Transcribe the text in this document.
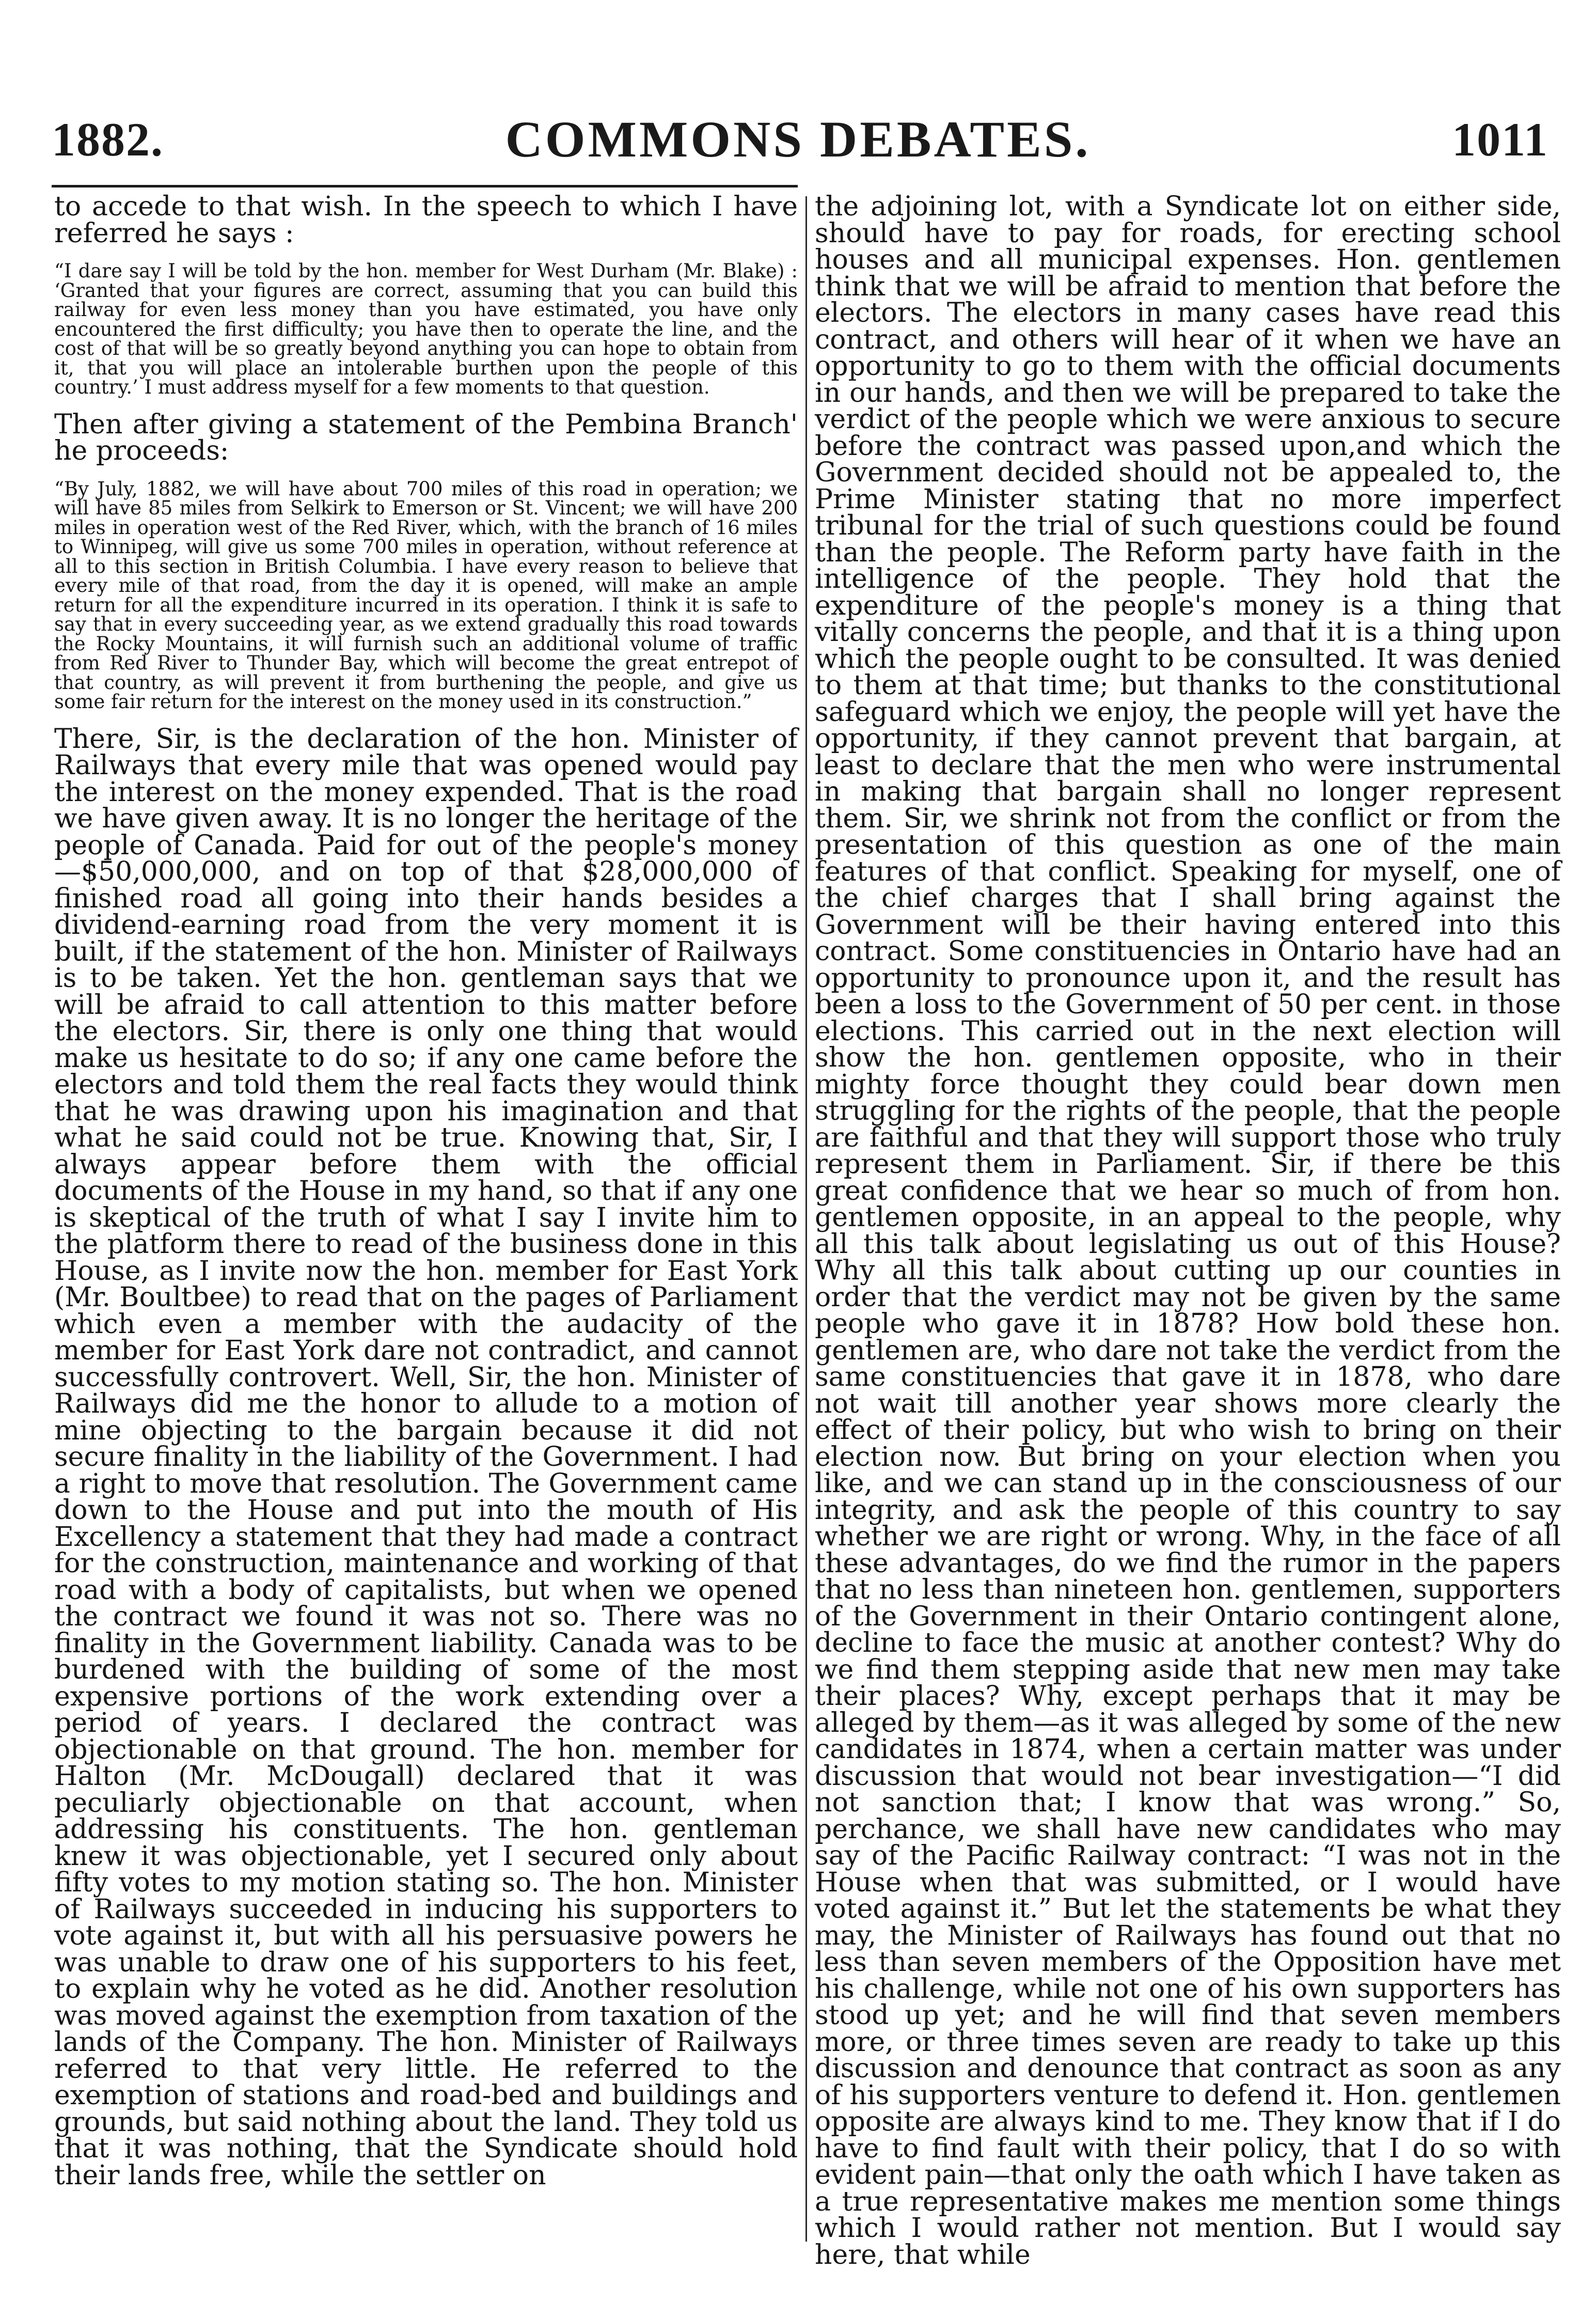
1882.	COMMONS DEBATES.	1011

to accede to that wish. In the speech to which I have referred he says :

“I dare say I will be told by the hon. member for West Durham (Mr. Blake) : ‘Granted that your figures are correct, assuming that you can build this railway for even less money than you have estimated, you have only encountered the first difficulty; you have then to operate the line, and the cost of that will be so greatly beyond anything you can hope to obtain from it, that you will place an intolerable burthen upon the people of this country.’ I must address myself for a few moments to that question.

Then after giving a statement of the Pembina Branch' he proceeds:

“By July, 1882, we will have about 700 miles of this road in operation; we will have 85 miles from Selkirk to Emerson or St. Vincent; we will have 200 miles in operation west of the Red River, which, with the branch of 16 miles to Winnipeg, will give us some 700 miles in operation, without reference at all to this section in British Columbia. I have every reason to believe that every mile of that road, from the day it is opened, will make an ample return for all the expenditure incurred in its operation. I think it is safe to say that in every succeeding year, as we extend gradually this road towards the Rocky Mountains, it will furnish such an additional volume of traffic from Red River to Thunder Bay, which will become the great entrepot of that country, as will prevent it from burthening the people, and give us some fair return for the interest on the money used in its construction.”

There, Sir, is the declaration of the hon. Minister of Railways that every mile that was opened would pay the interest on the money expended. That is the road we have given away. It is no longer the heritage of the people of Canada. Paid for out of the people's money—$50,000,000, and on top of that $28,000,000 of finished road all going into their hands besides a dividend-earning road from the very moment it is built, if the statement of the hon. Minister of Railways is to be taken. Yet the hon. gentleman says that we will be afraid to call attention to this matter before the electors. Sir, there is only one thing that would make us hesitate to do so; if any one came before the electors and told them the real facts they would think that he was drawing upon his imagination and that what he said could not be true. Knowing that, Sir, I always appear before them with the official documents of the House in my hand, so that if any one is skeptical of the truth of what I say I invite him to the platform there to read of the business done in this House, as I invite now the hon. member for East York (Mr. Boultbee) to read that on the pages of Parliament which even a member with the audacity of the member for East York dare not contradict, and cannot successfully controvert. Well, Sir, the hon. Minister of Railways did me the honor to allude to a motion of mine objecting to the bargain because it did not secure finality in the liability of the Government. I had a right to move that resolution. The Government came down to the House and put into the mouth of His Excellency a statement that they had made a contract for the construction, maintenance and working of that road with a body of capitalists, but when we opened the contract we found it was not so. There was no finality in the Government liability. Canada was to be burdened with the building of some of the most expensive portions of the work extending over a period of years. I declared the contract was objectionable on that ground. The hon. member for Halton (Mr. McDougall) declared that it was peculiarly objectionable on that account, when addressing his constituents. The hon. gentleman knew it was objectionable, yet I secured only about fifty votes to my motion stating so. The hon. Minister of Railways succeeded in inducing his supporters to vote against it, but with all his persuasive powers he was unable to draw one of his supporters to his feet, to explain why he voted as he did. Another resolution was moved against the exemption from taxation of the lands of the Company. The hon. Minister of Railways referred to that very little. He referred to the exemption of stations and road-bed and buildings and grounds, but said nothing about the land. They told us that it was nothing, that the Syndicate should hold their lands free, while the settler on

the adjoining lot, with a Syndicate lot on either side, should have to pay for roads, for erecting school houses and all municipal expenses. Hon. gentlemen think that we will be afraid to mention that before the electors. The electors in many cases have read this contract, and others will hear of it when we have an opportunity to go to them with the official documents in our hands, and then we will be prepared to take the verdict of the people which we were anxious to secure before the contract was passed upon,and which the Government decided should not be appealed to, the Prime Minister stating that no more imperfect tribunal for the trial of such questions could be found than the people. The Reform party have faith in the intelligence of the people. They hold that the expenditure of the people's money is a thing that vitally concerns the people, and that it is a thing upon which the people ought to be consulted. It was denied to them at that time; but thanks to the constitutional safeguard which we enjoy, the people will yet have the opportunity, if they cannot prevent that bargain, at least to declare that the men who were instrumental in making that bargain shall no longer represent them. Sir, we shrink not from the conflict or from the presentation of this question as one of the main features of that conflict. Speaking for myself, one of the chief charges that I shall bring against the Government will be their having entered into this contract. Some constituencies in Ontario have had an opportunity to pronounce upon it, and the result has been a loss to the Government of 50 per cent. in those elections. This carried out in the next election will show the hon. gentlemen opposite, who in their mighty force thought they could bear down men struggling for the rights of the people, that the people are faithful and that they will support those who truly represent them in Parliament. Sir, if there be this great confidence that we hear so much of from hon. gentlemen opposite, in an appeal to the people, why all this talk about legislating us out of this House? Why all this talk about cutting up our counties in order that the verdict may not be given by the same people who gave it in 1878? How bold these hon. gentlemen are, who dare not take the verdict from the same constituencies that gave it in 1878, who dare not wait till another year shows more clearly the effect of their policy, but who wish to bring on their election now. But bring on your election when you like, and we can stand up in the consciousness of our integrity, and ask the people of this country to say whether we are right or wrong. Why, in the face of all these advantages, do we find the rumor in the papers that no less than nineteen hon. gentlemen, supporters of the Government in their Ontario contingent alone, decline to face the music at another contest? Why do we find them stepping aside that new men may take their places? Why, except perhaps that it may be alleged by them—as it was alleged by some of the new candidates in 1874, when a certain matter was under discussion that would not bear investigation—“I did not sanction that; I know that was wrong.” So, perchance, we shall have new candidates who may say of the Pacific Railway contract: “I was not in the House when that was submitted, or I would have voted against it.” But let the statements be what they may, the Minister of Railways has found out that no less than seven members of the Opposition have met his challenge, while not one of his own supporters has stood up yet; and he will find that seven members more, or three times seven are ready to take up this discussion and denounce that contract as soon as any of his supporters venture to defend it. Hon. gentlemen opposite are always kind to me. They know that if I do have to find fault with their policy, that I do so with evident pain—that only the oath which I have taken as a true representative makes me mention some things which I would rather not mention. But I would say here, that while
